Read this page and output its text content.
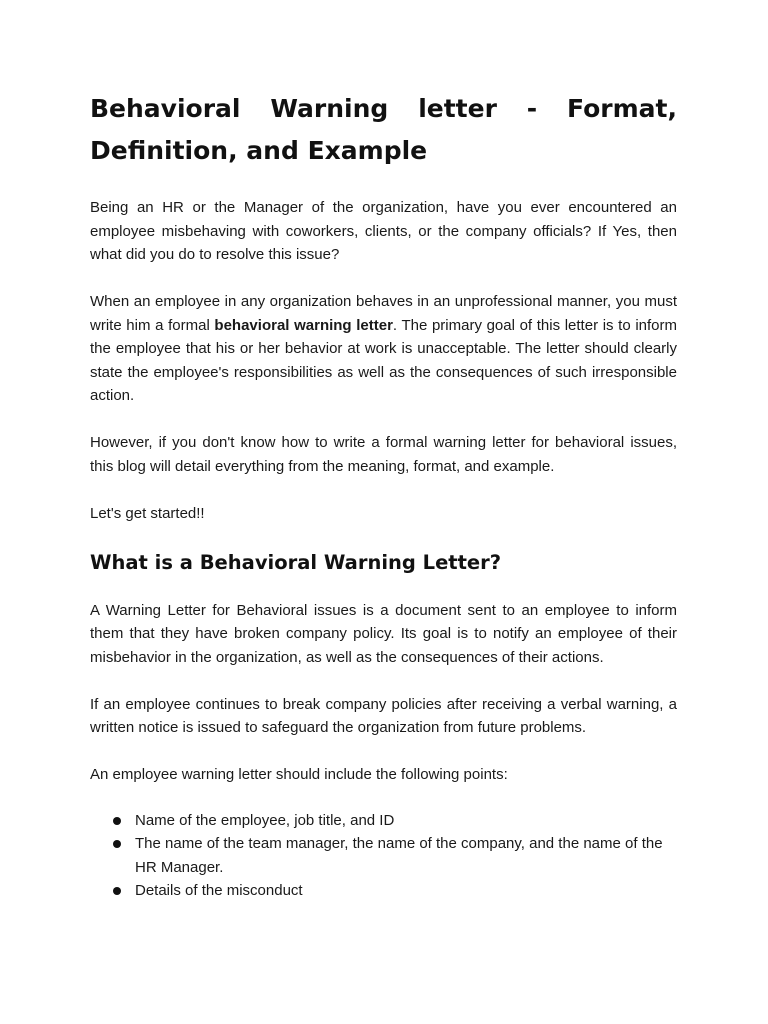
Behavioral Warning letter - Format, Definition, and Example

Being an HR or the Manager of the organization, have you ever encountered an employee misbehaving with coworkers, clients, or the company officials? If Yes, then what did you do to resolve this issue?

When an employee in any organization behaves in an unprofessional manner, you must write him a formal behavioral warning letter. The primary goal of this letter is to inform the employee that his or her behavior at work is unacceptable. The letter should clearly state the employee's responsibilities as well as the consequences of such irresponsible action.

However, if you don't know how to write a formal warning letter for behavioral issues, this blog will detail everything from the meaning, format, and example.

Let's get started!!

What is a Behavioral Warning Letter?

A Warning Letter for Behavioral issues is a document sent to an employee to inform them that they have broken company policy. Its goal is to notify an employee of their misbehavior in the organization, as well as the consequences of their actions.

If an employee continues to break company policies after receiving a verbal warning, a written notice is issued to safeguard the organization from future problems.

An employee warning letter should include the following points:

Name of the employee, job title, and ID
The name of the team manager, the name of the company, and the name of the HR Manager.
Details of the misconduct
